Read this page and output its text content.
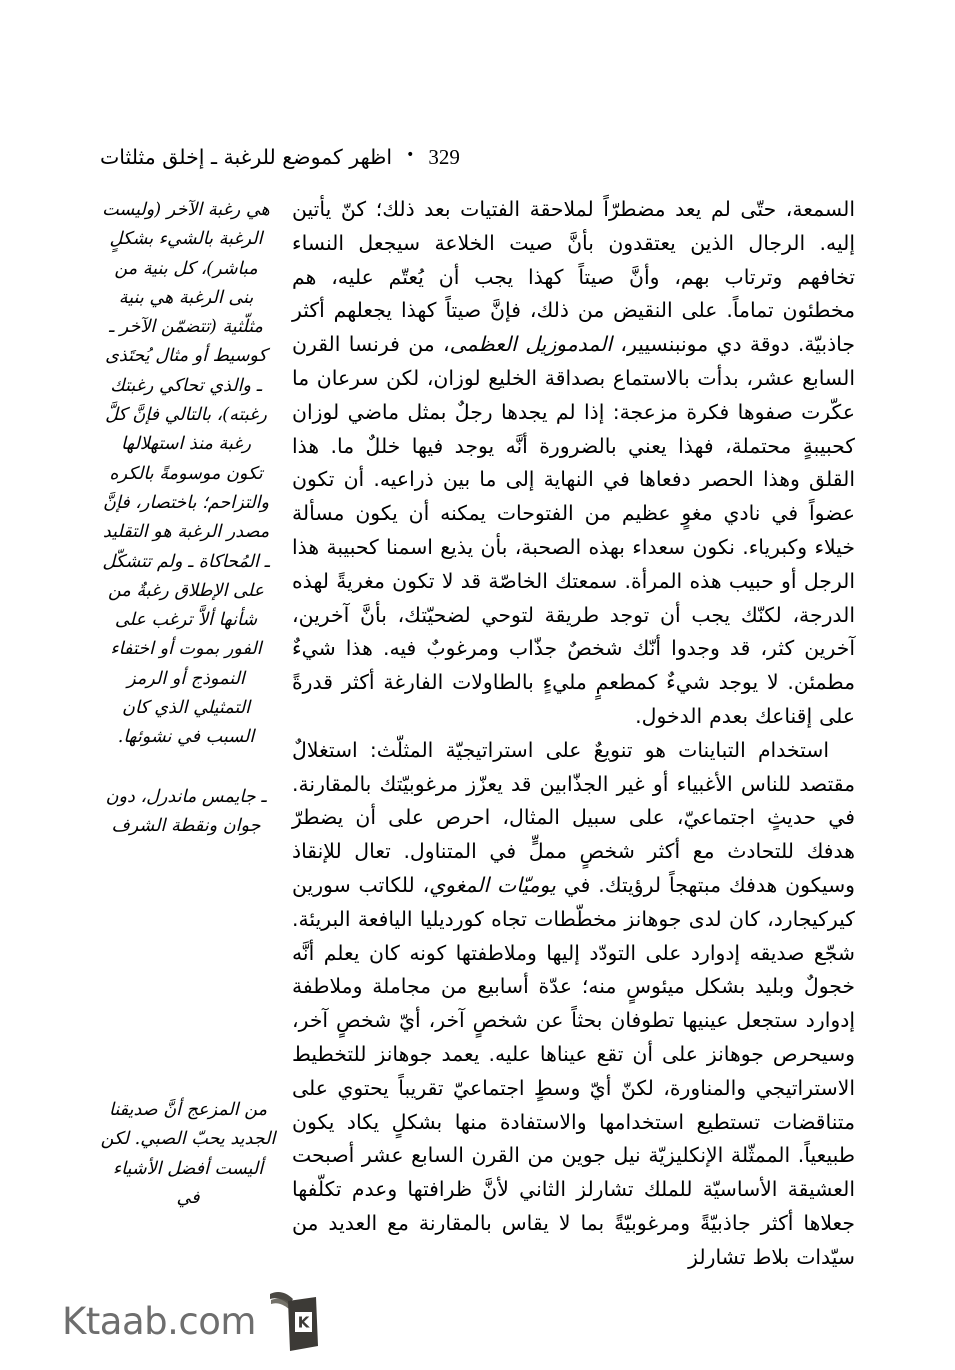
اظهر كموضع للرغبة ـ إخلق مثلثات • 329

السمعة، حتّى لم يعد مضطرّاً لملاحقة الفتيات بعد ذلك؛ كنّ يأتين إليه. الرجال الذين يعتقدون بأنَّ صيت الخلاعة سيجعل النساء تخافهم وترتاب بهم، وأنَّ صيتاً كهذا يجب أن يُعتّم عليه، هم مخطئون تماماً. على النقيض من ذلك، فإنَّ صيتاً كهذا يجعلهم أكثر جاذبيّة. دوقة دي مونبنسيير، المدموزيل العظمى، من فرنسا القرن السابع عشر، بدأت بالاستماع بصداقة الخليع لوزان، لكن سرعان ما عكّرت صفوها فكرة مزعجة: إذا لم يجدها رجلٌ بمثل ماضي لوزان كحبيبةٍ محتملة، فهذا يعني بالضرورة أنَّه يوجد فيها خللٌ ما. هذا القلق وهذا الحصر دفعاها في النهاية إلى ما بين ذراعيه. أن تكون عضواً في نادي مغوٍ عظيم من الفتوحات يمكنه أن يكون مسألة خيلاء وكبرياء. نكون سعداء بهذه الصحبة، بأن يذيع اسمنا كحبيبة هذا الرجل أو حبيب هذه المرأة. سمعتك الخاصّة قد لا تكون مغريةً لهذه الدرجة، لكنّك يجب أن توجد طريقة لتوحي لضحيّتك، بأنَّ آخرين، آخرين كثر، قد وجدوا أنّك شخصٌ جذّاب ومرغوبٌ فيه. هذا شيءٌ مطمئن. لا يوجد شيءٌ كمطعمٍ مليءٍ بالطاولات الفارغة أكثر قدرةً على إقناعك بعدم الدخول.

استخدام التباينات هو تنويعٌ على استراتيجيّة المثلّث: استغلالٌ مقتصد للناس الأغبياء أو غير الجذّابين قد يعزّز مرغوبيّتك بالمقارنة. في حديثٍ اجتماعيّ، على سبيل المثال، احرص على أن يضطرّ هدفك للتحادث مع أكثر شخصٍ مملٍّ في المتناول. تعال للإنقاذ وسيكون هدفك مبتهجاً لرؤيتك. في يوميّات المغوي، للكاتب سورين كيركيجارد، كان لدى جوهانز مخطّطات تجاه كورديليا اليافعة البريئة. شجّع صديقه إدوارد على التودّد إليها وملاطفتها كونه كان يعلم أنَّه خجولٌ وبليد بشكل ميئوسٍ منه؛ عدّة أسابيع من مجاملة وملاطفة إدوارد ستجعل عينيها تطوفان بحثاً عن شخصٍ آخر، أيّ شخصٍ آخر، وسيحرص جوهانز على أن تقع عيناها عليه. يعمد جوهانز للتخطيط الاستراتيجي والمناورة، لكنّ أيّ وسطٍ اجتماعيّ تقريباً يحتوي على متناقضات تستطيع استخدامها والاستفادة منها بشكلٍ يكاد يكون طبيعياً. الممثّلة الإنكليزيّة نيل جوين من القرن السابع عشر أصبحت العشيقة الأساسيّة للملك تشارلز الثاني لأنَّ ظرافتها وعدم تكلّفها جعلاها أكثر جاذبيّةً ومرغوبيّةً بما لا يقاس بالمقارنة مع العديد من سيّدات بلاط تشارلز

هي رغبة الآخر (وليست الرغبة بالشيء بشكلٍ مباشر)، كل بنية من بنى الرغبة هي بنية مثلّثية (تتضمّن الآخر ـ كوسيط أو مثال يُحتَذى ـ والذي تحاكي رغبتك رغبته)، بالتالي فإنَّ كلَّ رغبة منذ استهلالها تكون موسومةً بالكره والتزاحم؛ باختصار، فإنَّ مصدر الرغبة هو التقليد ـ المُحاكاة ـ ولم تتشكّل على الإطلاق رغبةٌ من شأنها ألاَّ ترغب على الفور بموت أو اختفاء النموذج أو الرمز التمثيلي الذي كان السبب في نشوئها.

ـ جايمس ماندرل، دون جوان ونقطة الشرف

من المزعج أنَّ صديقنا الجديد يحبّ الصبي. لكن أليست أفضل الأشياء في

K
Ktaab.com
